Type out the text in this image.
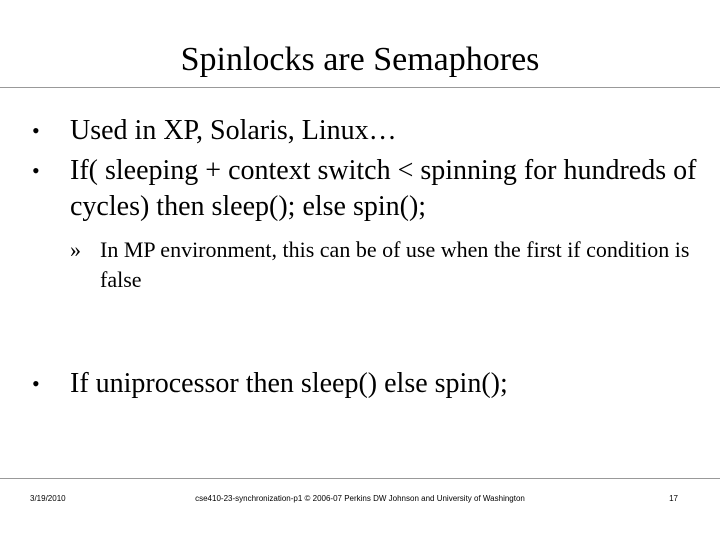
Spinlocks are Semaphores
•	Used in XP, Solaris, Linux…
•	If( sleeping + context switch < spinning for hundreds of cycles) then sleep(); else spin();
» In MP environment, this can be of use when the first if condition is false
•	If uniprocessor then sleep() else spin();
3/19/2010	cse410-23-synchronization-p1 © 2006-07 Perkins DW Johnson and University of Washington	17
